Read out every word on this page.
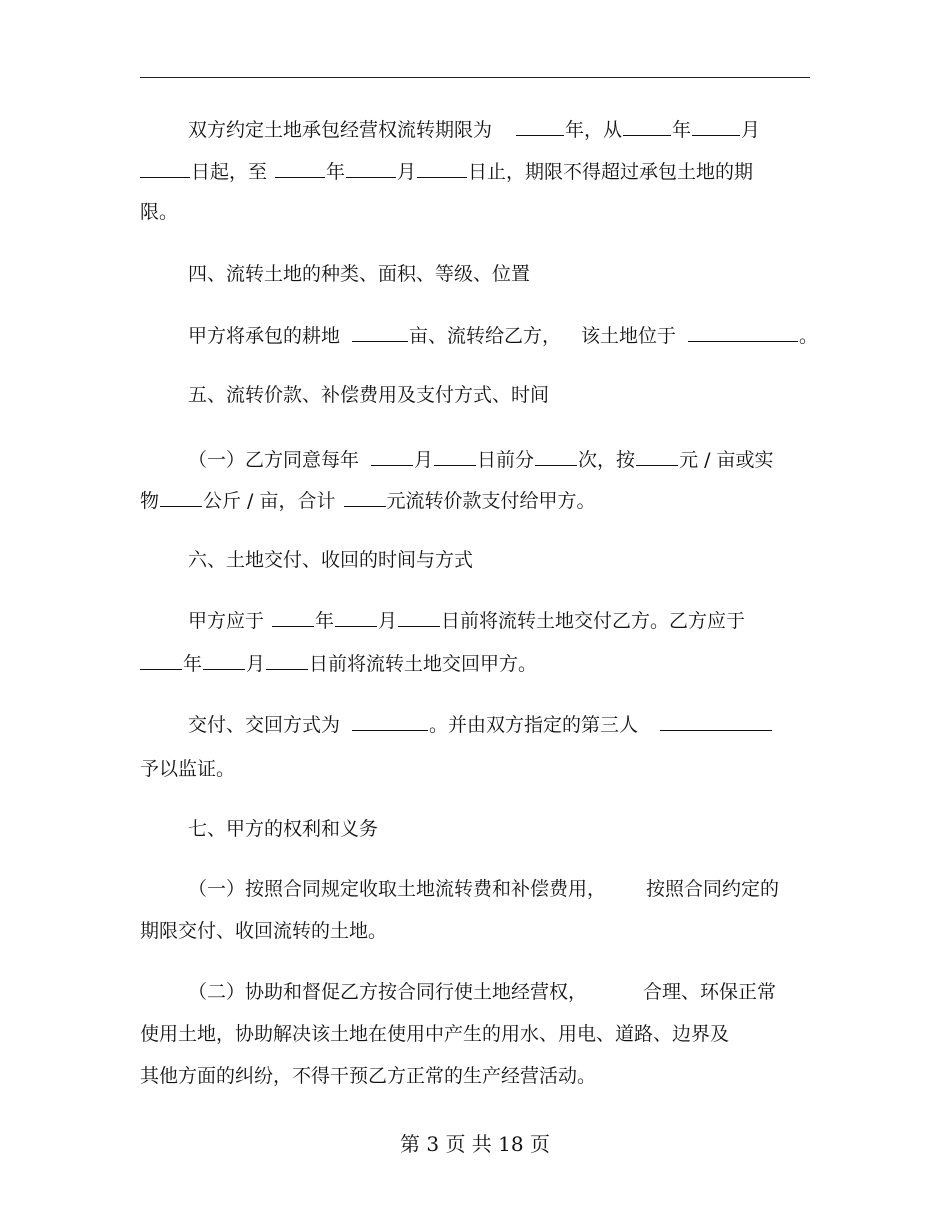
双方约定土地承包经营权流转期限为	年，从	年	月

日起，至	年	月	日止，期限不得超过承包土地的期

限。

四、流转土地的种类、面积、等级、位置

甲方将承包的耕地	亩、流转给乙方， 该土地位于	。

五、流转价款、补偿费用及支付方式、时间

（一）乙方同意每年	月 日前分 次，按 元 / 亩或实

物 公斤 / 亩，合计	元流转价款支付给甲方。

六、土地交付、收回的时间与方式

甲方应于	年 月 日前将流转土地交付乙方。乙方应于

年 月 日前将流转土地交回甲方。

交付、交回方式为	。并由双方指定的第三人

予以监证。

七、甲方的权利和义务

（一）按照合同规定收取土地流转费和补偿费用， 按照合同约定的

期限交付、收回流转的土地。

（二）协助和督促乙方按合同行使土地经营权，	合理、环保正常

使用土地，协助解决该土地在使用中产生的用水、用电、道路、边界及

其他方面的纠纷，不得干预乙方正常的生产经营活动。

第 3 页 共 18 页
